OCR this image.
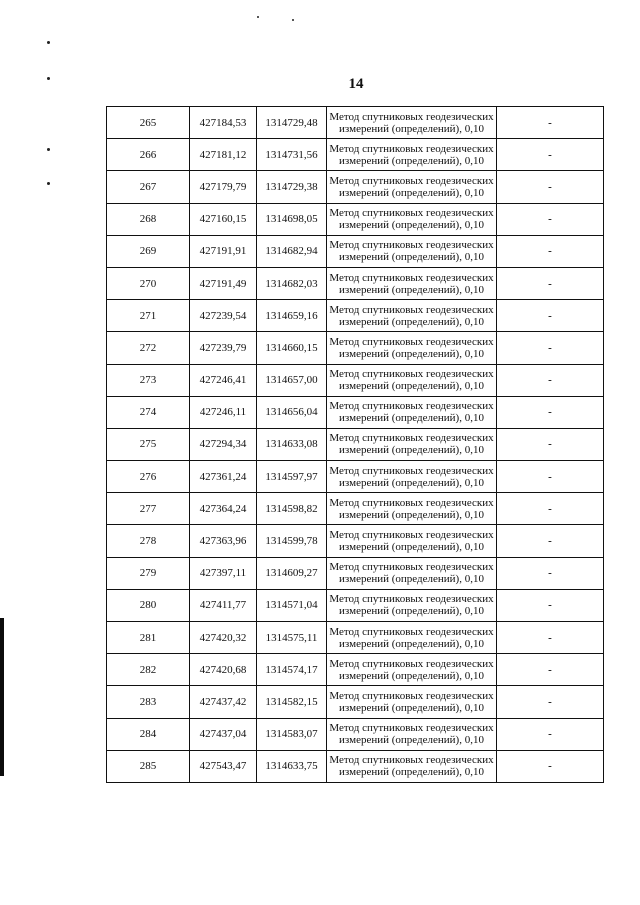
14
265	427184,53	1314729,48	Метод спутниковых геодезических
измерений (определений), 0,10	-
266	427181,12	1314731,56	Метод спутниковых геодезических
измерений (определений), 0,10	-
267	427179,79	1314729,38	Метод спутниковых геодезических
измерений (определений), 0,10	-
268	427160,15	1314698,05	Метод спутниковых геодезических
измерений (определений), 0,10	-
269	427191,91	1314682,94	Метод спутниковых геодезических
измерений (определений), 0,10	-
270	427191,49	1314682,03	Метод спутниковых геодезических
измерений (определений), 0,10	-
271	427239,54	1314659,16	Метод спутниковых геодезических
измерений (определений), 0,10	-
272	427239,79	1314660,15	Метод спутниковых геодезических
измерений (определений), 0,10	-
273	427246,41	1314657,00	Метод спутниковых геодезических
измерений (определений), 0,10	-
274	427246,11	1314656,04	Метод спутниковых геодезических
измерений (определений), 0,10	-
275	427294,34	1314633,08	Метод спутниковых геодезических
измерений (определений), 0,10	-
276	427361,24	1314597,97	Метод спутниковых геодезических
измерений (определений), 0,10	-
277	427364,24	1314598,82	Метод спутниковых геодезических
измерений (определений), 0,10	-
278	427363,96	1314599,78	Метод спутниковых геодезических
измерений (определений), 0,10	-
279	427397,11	1314609,27	Метод спутниковых геодезических
измерений (определений), 0,10	-
280	427411,77	1314571,04	Метод спутниковых геодезических
измерений (определений), 0,10	-
281	427420,32	1314575,11	Метод спутниковых геодезических
измерений (определений), 0,10	-
282	427420,68	1314574,17	Метод спутниковых геодезических
измерений (определений), 0,10	-
283	427437,42	1314582,15	Метод спутниковых геодезических
измерений (определений), 0,10	-
284	427437,04	1314583,07	Метод спутниковых геодезических
измерений (определений), 0,10	-
285	427543,47	1314633,75	Метод спутниковых геодезических
измерений (определений), 0,10	-
